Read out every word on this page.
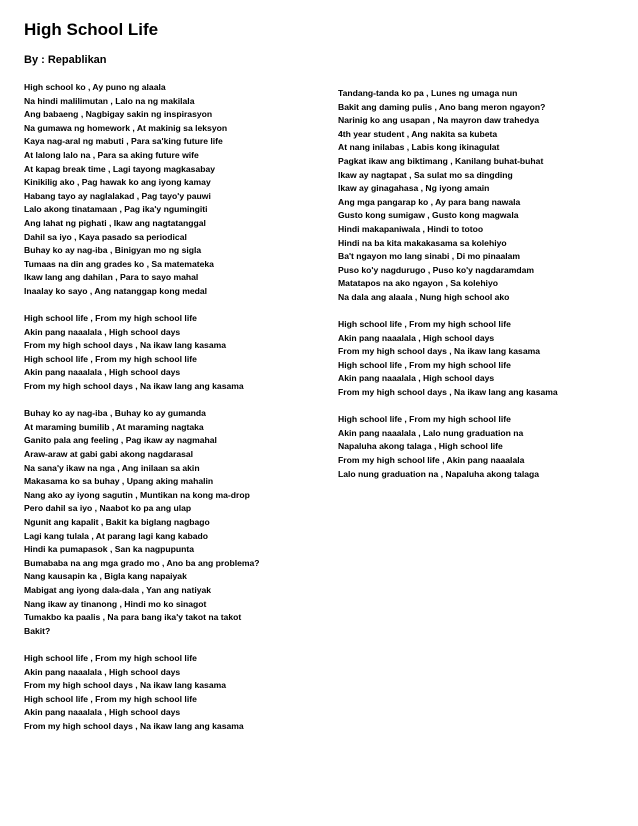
High School Life
By : Repablikan
High school ko , Ay puno ng alaala
Na hindi malilimutan , Lalo na ng makilala
Ang babaeng , Nagbigay sakin ng inspirasyon
Na gumawa ng homework , At makinig sa leksyon
Kaya nag-aral ng mabuti , Para sa'king future life
At lalong lalo na , Para sa aking future wife
At kapag break time , Lagi tayong magkasabay
Kinikilig ako , Pag hawak ko ang iyong kamay
Habang tayo ay naglalakad , Pag tayo'y pauwi
Lalo akong tinatamaan , Pag ika'y ngumingiti
Ang lahat ng pighati , Ikaw ang nagtatanggal
Dahil sa iyo , Kaya pasado sa periodical
Buhay ko ay nag-iba , Binigyan mo ng sigla
Tumaas na din ang grades ko , Sa matemateka
Ikaw lang ang dahilan , Para to sayo mahal
Inaalay ko sayo , Ang natanggap kong medal
High school life , From my high school life
Akin pang naaalala , High school days
From my high school days , Na ikaw lang kasama
High school life , From my high school life
Akin pang naaalala , High school days
From my high school days , Na ikaw lang ang kasama
Buhay ko ay nag-iba , Buhay ko ay gumanda
At maraming bumilib , At maraming nagtaka
Ganito pala ang feeling , Pag ikaw ay nagmahal
Araw-araw at gabi gabi akong nagdarasal
Na sana'y ikaw na nga , Ang inilaan sa akin
Makasama ko sa buhay , Upang aking mahalin
Nang ako ay iyong sagutin , Muntikan na kong ma-drop
Pero dahil sa iyo , Naabot ko pa ang ulap
Ngunit ang kapalit , Bakit ka biglang nagbago
Lagi kang tulala , At parang lagi kang kabado
Hindi ka pumapasok , San ka nagpupunta
Bumababa na ang mga grado mo , Ano ba ang problema?
Nang kausapin ka , Bigla kang napaiyak
Mabigat ang iyong dala-dala , Yan ang natiyak
Nang ikaw ay tinanong , Hindi mo ko sinagot
Tumakbo ka paalis , Na para bang ika'y takot na takot
Bakit?
High school life , From my high school life
Akin pang naaalala , High school days
From my high school days , Na ikaw lang kasama
High school life , From my high school life
Akin pang naaalala , High school days
From my high school days , Na ikaw lang ang kasama
Tandang-tanda ko pa , Lunes ng umaga nun
Bakit ang daming pulis , Ano bang meron ngayon?
Narinig ko ang usapan , Na mayron daw trahedya
4th year student , Ang nakita sa kubeta
At nang inilabas , Labis kong ikinagulat
Pagkat ikaw ang biktimang , Kanilang buhat-buhat
Ikaw ay nagtapat , Sa sulat mo sa dingding
Ikaw ay ginagahasa , Ng iyong amain
Ang mga pangarap ko , Ay para bang nawala
Gusto kong sumigaw , Gusto kong magwala
Hindi makapaniwala , Hindi to totoo
Hindi na ba kita makakasama sa kolehiyo
Ba't ngayon mo lang sinabi , Di mo pinaalam
Puso ko'y nagdurugo , Puso ko'y nagdaramdam
Matatapos na ako ngayon , Sa kolehiyo
Na dala ang alaala , Nung high school ako
High school life , From my high school life
Akin pang naaalala , High school days
From my high school days , Na ikaw lang kasama
High school life , From my high school life
Akin pang naaalala , High school days
From my high school days , Na ikaw lang ang kasama
High school life , From my high school life
Akin pang naaalala , Lalo nung graduation na
Napaluha akong talaga , High school life
From my high school life , Akin pang naaalala
Lalo nung graduation na , Napaluha akong talaga
